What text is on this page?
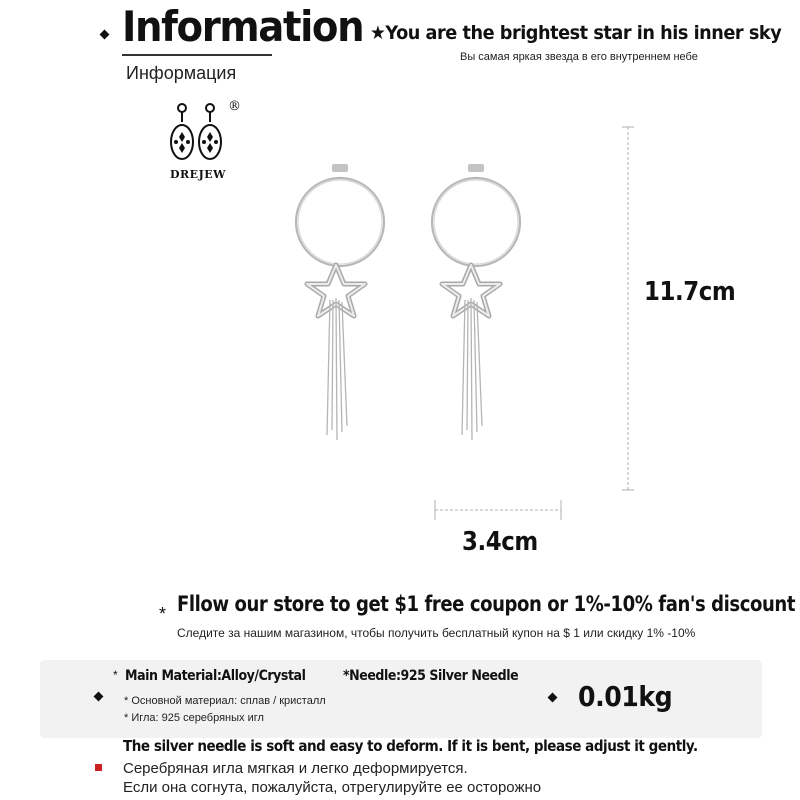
Information
Информация
★You are the brightest star in his inner sky
Вы самая яркая звезда в его внутреннем небе
®
DREJEW
11.7cm
3.4cm
* Fllow our store to get $1 free coupon or 1%-10% fan's discount
Следите за нашим магазином, чтобы получить бесплатный купон на $ 1 или скидку 1% -10%
* Main Material:Alloy/Crystal	*Needle:925 Silver Needle
* Основной материал: сплав / кристалл
* Игла: 925 серебряных игл
0.01kg
The silver needle is soft and easy to deform. If it is bent, please adjust it gently.
Серебряная игла мягкая и легко деформируется.
Если она согнута, пожалуйста, отрегулируйте ее осторожно
